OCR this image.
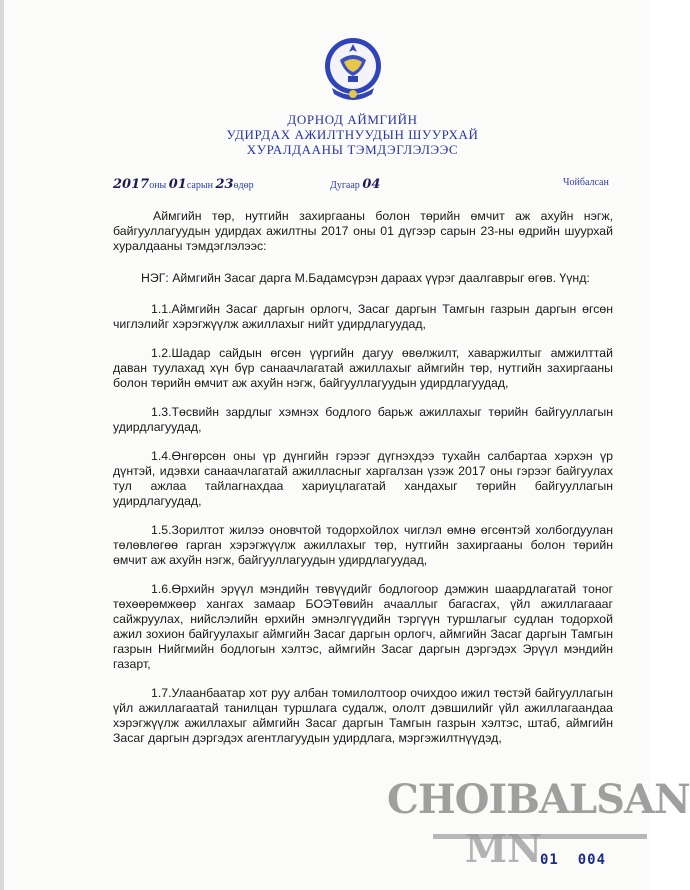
ДОРНОД АЙМГИЙН
УДИРДАХ АЖИЛТНУУДЫН ШУУРХАЙ
ХУРАЛДААНЫ ТЭМДЭГЛЭЛЭЭС
2017оны 01сарын 23өдөр	Дугаар 04	Чойбалсан

Аймгийн төр, нутгийн захиргааны болон төрийн өмчит аж ахуйн нэгж, байгууллагуудын удирдах ажилтны 2017 оны 01 дүгээр сарын 23-ны өдрийн шуурхай хуралдааны тэмдэглэлээс:

НЭГ: Аймгийн Засаг дарга М.Бадамсүрэн дараах үүрэг даалгаврыг өгөв. Үүнд:

1.1.Аймгийн Засаг даргын орлогч, Засаг даргын Тамгын газрын даргын өгсөн чиглэлийг хэрэгжүүлж ажиллахыг нийт удирдлагуудад,

1.2.Шадар сайдын өгсөн үүргийн дагуу өвөлжилт, хаваржилтыг амжилттай даван туулахад хүн бүр санаачлагатай ажиллахыг аймгийн төр, нутгийн захиргааны болон төрийн өмчит аж ахуйн нэгж, байгууллагуудын удирдлагуудад,

1.3.Төсвийн зардлыг хэмнэх бодлого барьж ажиллахыг төрийн байгууллагын удирдлагуудад,

1.4.Өнгөрсөн оны үр дүнгийн гэрээг дүгнэхдээ тухайн салбартаа хэрхэн үр дүнтэй, идэвхи санаачлагатай ажилласныг харгалзан үзэж 2017 оны гэрээг байгуулах тул ажлаа тайлагнахдаа хариуцлагатай хандахыг төрийн байгууллагын удирдлагуудад,

1.5.Зорилтот жилээ оновчтой тодорхойлох чиглэл өмнө өгсөнтэй холбогдуулан төлөвлөгөө гарган хэрэгжүүлж ажиллахыг төр, нутгийн захиргааны болон төрийн өмчит аж ахуйн нэгж, байгууллагуудын удирдлагуудад,

1.6.Өрхийн эрүүл мэндийн төвүүдийг бодлогоор дэмжин шаардлагатай тоног төхөөрөмжөөр хангах замаар БОЭТөвийн ачааллыг багасгах, үйл ажиллагаааг сайжруулах, нийслэлийн өрхийн эмнэлгүүдийн тэргүүн туршлагыг судлан тодорхой ажил зохион байгуулахыг аймгийн Засаг даргын орлогч, аймгийн Засаг даргын Тамгын газрын Нийгмийн бодлогын хэлтэс, аймгийн Засаг даргын дэргэдэх Эрүүл мэндийн газарт,

1.7.Улаанбаатар хот руу албан томилолтоор очихдоо ижил төстэй байгууллагын үйл ажиллагаатай танилцан туршлага судалж, ололт дэвшилийг үйл ажиллагаандаа хэрэгжүүлж ажиллахыг аймгийн Засаг даргын Тамгын газрын хэлтэс, штаб, аймгийн Засаг даргын дэргэдэх агентлагуудын удирдлага, мэргэжилтнүүдэд,

CHOIBALSAN
MN
01  004
